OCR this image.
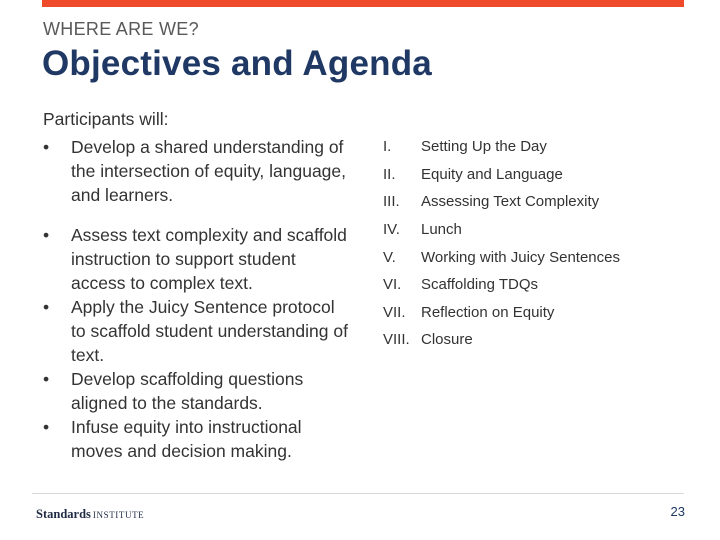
WHERE ARE WE?
Objectives and Agenda
Participants will:
•	Develop a shared understanding of the intersection of equity, language, and learners.
•	Assess text complexity and scaffold instruction to support student access to complex text.
•	Apply the Juicy Sentence protocol to scaffold student understanding of text.
•	Develop scaffolding questions aligned to the standards.
•	Infuse equity into instructional moves and decision making.
I.	Setting Up the Day
II.	Equity and Language
III.	Assessing Text Complexity
IV.	Lunch
V.	Working with Juicy Sentences
VI.	Scaffolding TDQs
VII.	Reflection on Equity
VIII. Closure
Standards INSTITUTE	23
